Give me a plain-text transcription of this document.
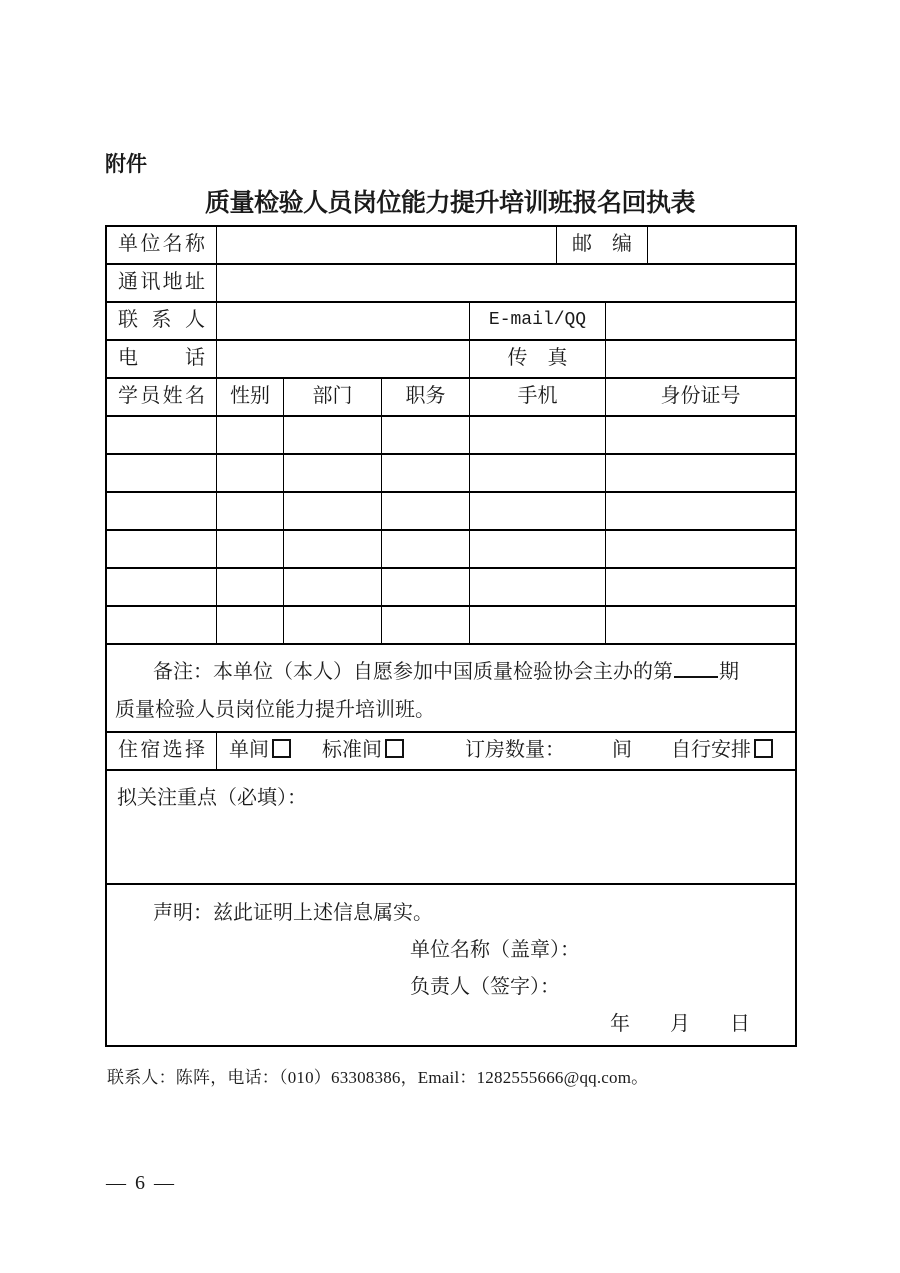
附件
质量检验人员岗位能力提升培训班报名回执表
单位名称	邮　编
通讯地址
联 系 人	E-mail/QQ
电　话	传　真
学员姓名	性别	部门	职务	手机	身份证号
备注：本单位（本人）自愿参加中国质量检验协会主办的第 期
质量检验人员岗位能力提升培训班。
住宿选择	单间	标准间	订房数量： 间 自行安排
拟关注重点（必填）：
声明：兹此证明上述信息属实。
单位名称（盖章）：
负责人（签字）：
年　　月　　日
联系人：陈阵，电话：（010）63308386，Email：1282555666@qq.com。
— 6 —
